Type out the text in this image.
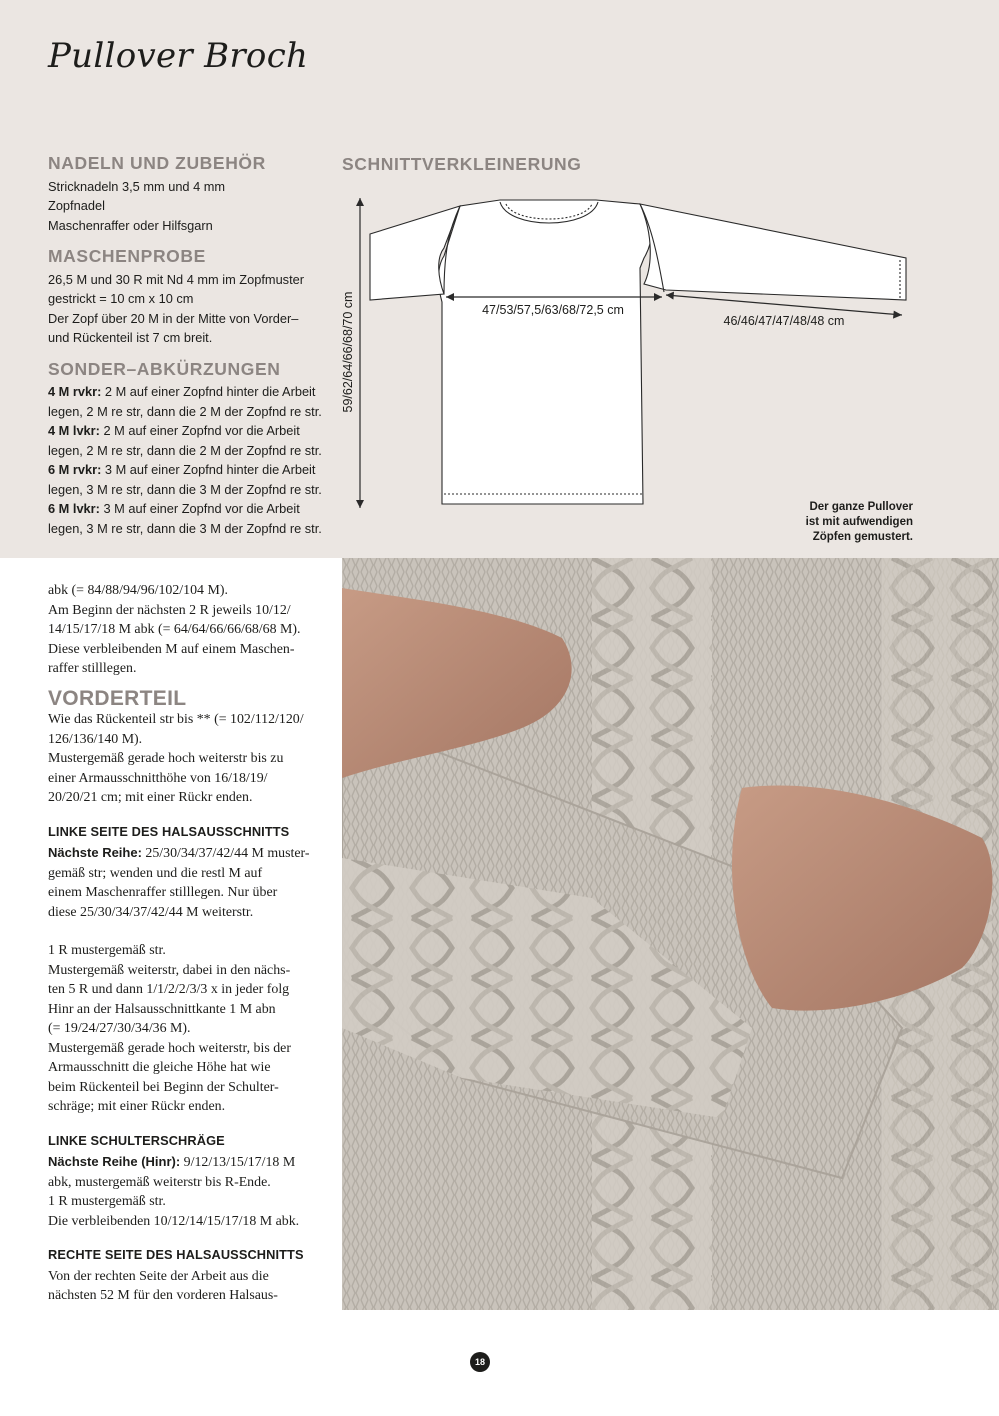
Pullover Broch
NADELN UND ZUBEHÖR
Stricknadeln 3,5 mm und 4 mm
Zopfnadel
Maschenraffer oder Hilfsgarn
MASCHENPROBE
26,5 M und 30 R mit Nd 4 mm im Zopfmuster
gestrickt = 10 cm x 10 cm
Der Zopf über 20 M in der Mitte von Vorder–
und Rückenteil ist 7 cm breit.
SONDER–ABKÜRZUNGEN
4 M rvkr: 2 M auf einer Zopfnd hinter die Arbeit
legen, 2 M re str, dann die 2 M der Zopfnd re str.
4 M lvkr: 2 M auf einer Zopfnd vor die Arbeit
legen, 2 M re str, dann die 2 M der Zopfnd re str.
6 M rvkr: 3 M auf einer Zopfnd hinter die Arbeit
legen, 3 M re str, dann die 3 M der Zopfnd re str.
6 M lvkr: 3 M auf einer Zopfnd vor die Arbeit
legen, 3 M re str, dann die 3 M der Zopfnd re str.
SCHNITTVERKLEINERUNG
47/53/57,5/63/68/72,5 cm
46/46/47/47/48/48 cm
59/62/64/66/68/70 cm
Der ganze Pullover
ist mit aufwendigen
Zöpfen gemustert.
abk (= 84/88/94/96/102/104 M).
Am Beginn der nächsten 2 R jeweils 10/12/
14/15/17/18 M abk (= 64/64/66/66/68/68 M).
Diese verbleibenden M auf einem Maschen-
raffer stilllegen.
VORDERTEIL
Wie das Rückenteil str bis ** (= 102/112/120/
126/136/140 M).
Mustergemäß gerade hoch weiterstr bis zu
einer Armausschnitthöhe von 16/18/19/
20/20/21 cm; mit einer Rückr enden.
LINKE SEITE DES HALSAUSSCHNITTS
Nächste Reihe: 25/30/34/37/42/44 M muster-
gemäß str; wenden und die restl M auf
einem Maschenraffer stilllegen. Nur über
diese 25/30/34/37/42/44 M weiterstr.
1 R mustergemäß str.
Mustergemäß weiterstr, dabei in den nächs-
ten 5 R und dann 1/1/2/2/3/3 x in jeder folg
Hinr an der Halsausschnittkante 1 M abn
(= 19/24/27/30/34/36 M).
Mustergemäß gerade hoch weiterstr, bis der
Armausschnitt die gleiche Höhe hat wie
beim Rückenteil bei Beginn der Schulter-
schräge; mit einer Rückr enden.
LINKE SCHULTERSCHRÄGE
Nächste Reihe (Hinr): 9/12/13/15/17/18 M
abk, mustergemäß weiterstr bis R-Ende.
1 R mustergemäß str.
Die verbleibenden 10/12/14/15/17/18 M abk.
RECHTE SEITE DES HALSAUSSCHNITTS
Von der rechten Seite der Arbeit aus die
nächsten 52 M für den vorderen Halsaus-
18
